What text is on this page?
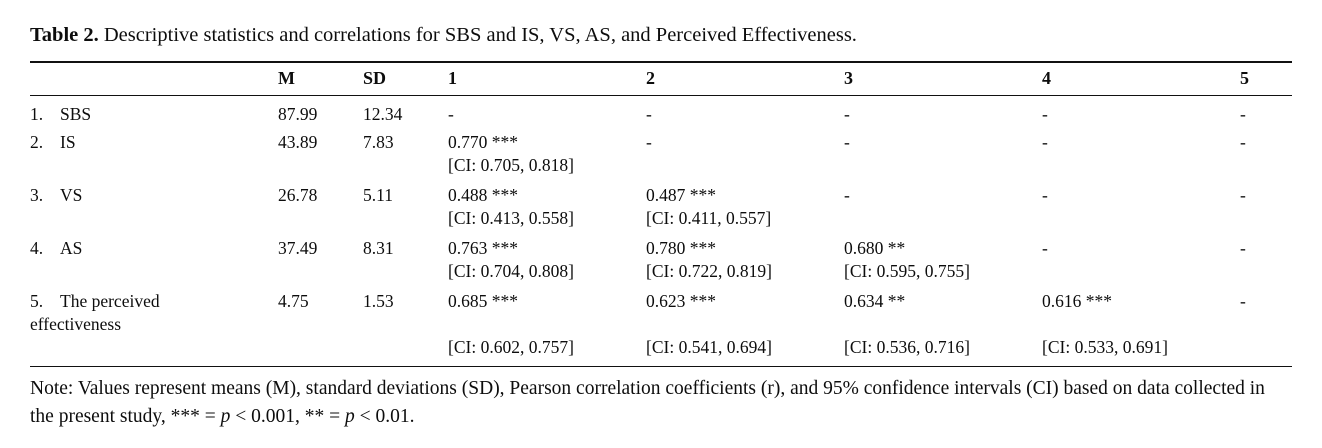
Table 2. Descriptive statistics and correlations for SBS and IS, VS, AS, and Perceived Effectiveness.
	M	SD	1	2	3	4	5
1. SBS	87.99	12.34	-	-	-	-	-
2. IS	43.89	7.83	0.770 ***	-	-	-	-
			[CI: 0.705, 0.818]				
3. VS	26.78	5.11	0.488 ***	0.487 ***	-	-	-
			[CI: 0.413, 0.558]	[CI: 0.411, 0.557]			
4. AS	37.49	8.31	0.763 ***	0.780 ***	0.680 **	-	-
			[CI: 0.704, 0.808]	[CI: 0.722, 0.819]	[CI: 0.595, 0.755]		
5. The perceived
effectiveness	4.75	1.53	0.685 ***	0.623 ***	0.634 **	0.616 ***	-
			[CI: 0.602, 0.757]	[CI: 0.541, 0.694]	[CI: 0.536, 0.716]	[CI: 0.533, 0.691]	
Note: Values represent means (M), standard deviations (SD), Pearson correlation coefficients (r), and 95% confidence intervals (CI) based on data collected in the present study, *** = p < 0.001, ** = p < 0.01.
